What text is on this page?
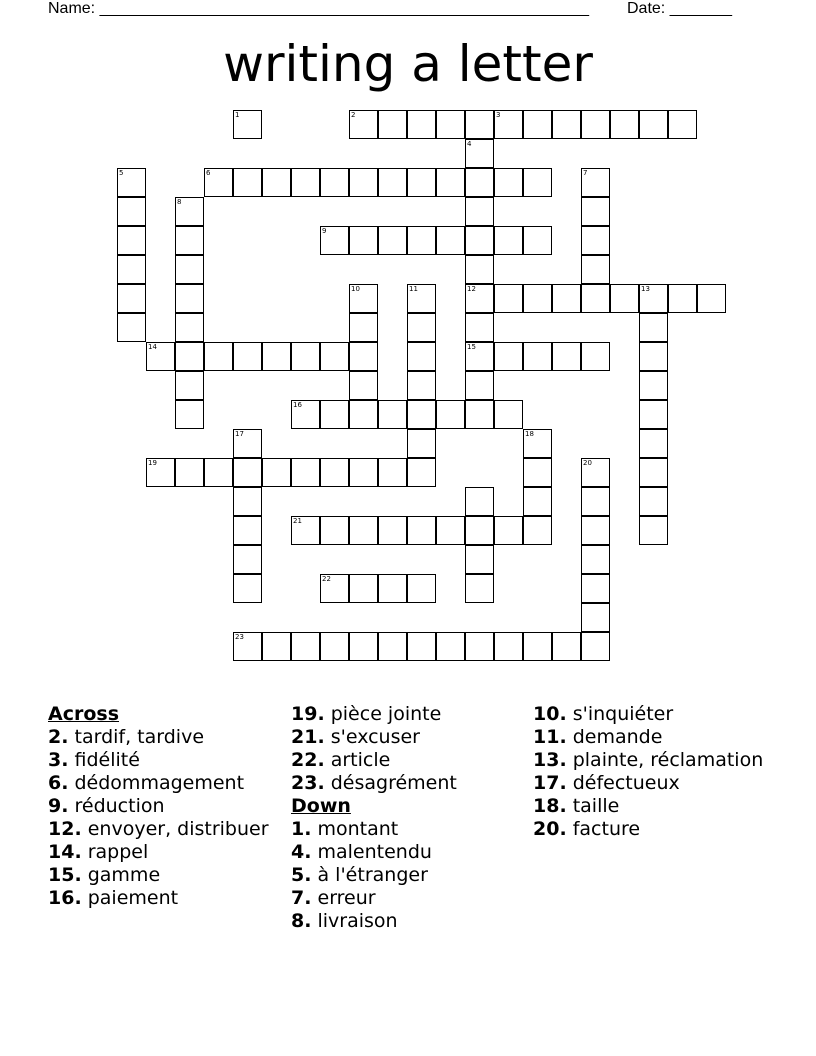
Name: _______________________________________________________ Date: _______
writing a letter
1	2	3
4
12
15
5	6	7
8
9
10	11	13
14
16
17	18
19	20
21
22
23
Across
2. tardif, tardive
3. fidélité
6. dédommagement
9. réduction
12. envoyer, distribuer
14. rappel
15. gamme
16. paiement
19. pièce jointe
21. s'excuser
22. article
23. désagrément
Down
1. montant
4. malentendu
5. à l'étranger
7. erreur
8. livraison
10. s'inquiéter
11. demande
13. plainte, réclamation
17. défectueux
18. taille
20. facture
